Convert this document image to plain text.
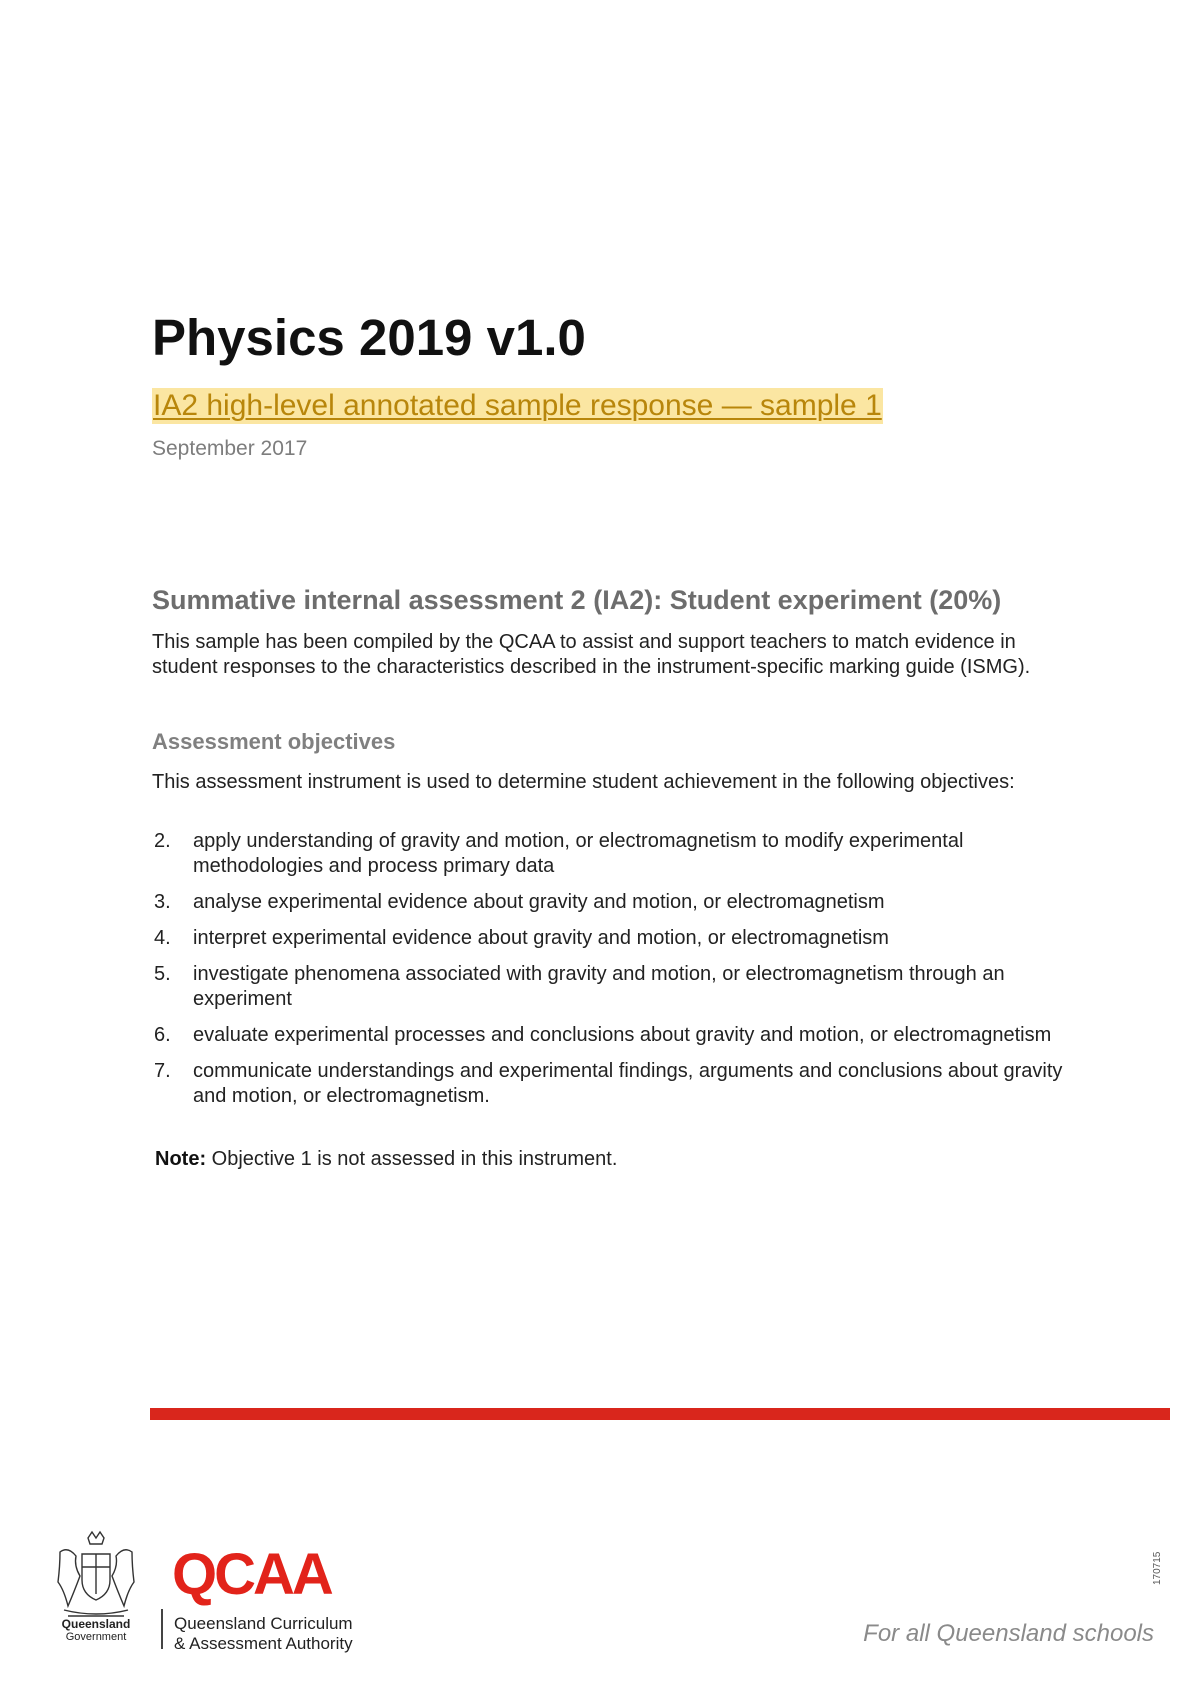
Physics 2019 v1.0
IA2 high-level annotated sample response — sample 1
September 2017
Summative internal assessment 2 (IA2): Student experiment (20%)

This sample has been compiled by the QCAA to assist and support teachers to match evidence in student responses to the characteristics described in the instrument-specific marking guide (ISMG).

Assessment objectives

This assessment instrument is used to determine student achievement in the following objectives:

2. apply understanding of gravity and motion, or electromagnetism to modify experimental methodologies and process primary data
3. analyse experimental evidence about gravity and motion, or electromagnetism
4. interpret experimental evidence about gravity and motion, or electromagnetism
5. investigate phenomena associated with gravity and motion, or electromagnetism through an experiment
6. evaluate experimental processes and conclusions about gravity and motion, or electromagnetism
7. communicate understandings and experimental findings, arguments and conclusions about gravity and motion, or electromagnetism.
Note: Objective 1 is not assessed in this instrument.
Queensland
Government
QCAA
Queensland Curriculum
& Assessment Authority	For all Queensland schools
170715
